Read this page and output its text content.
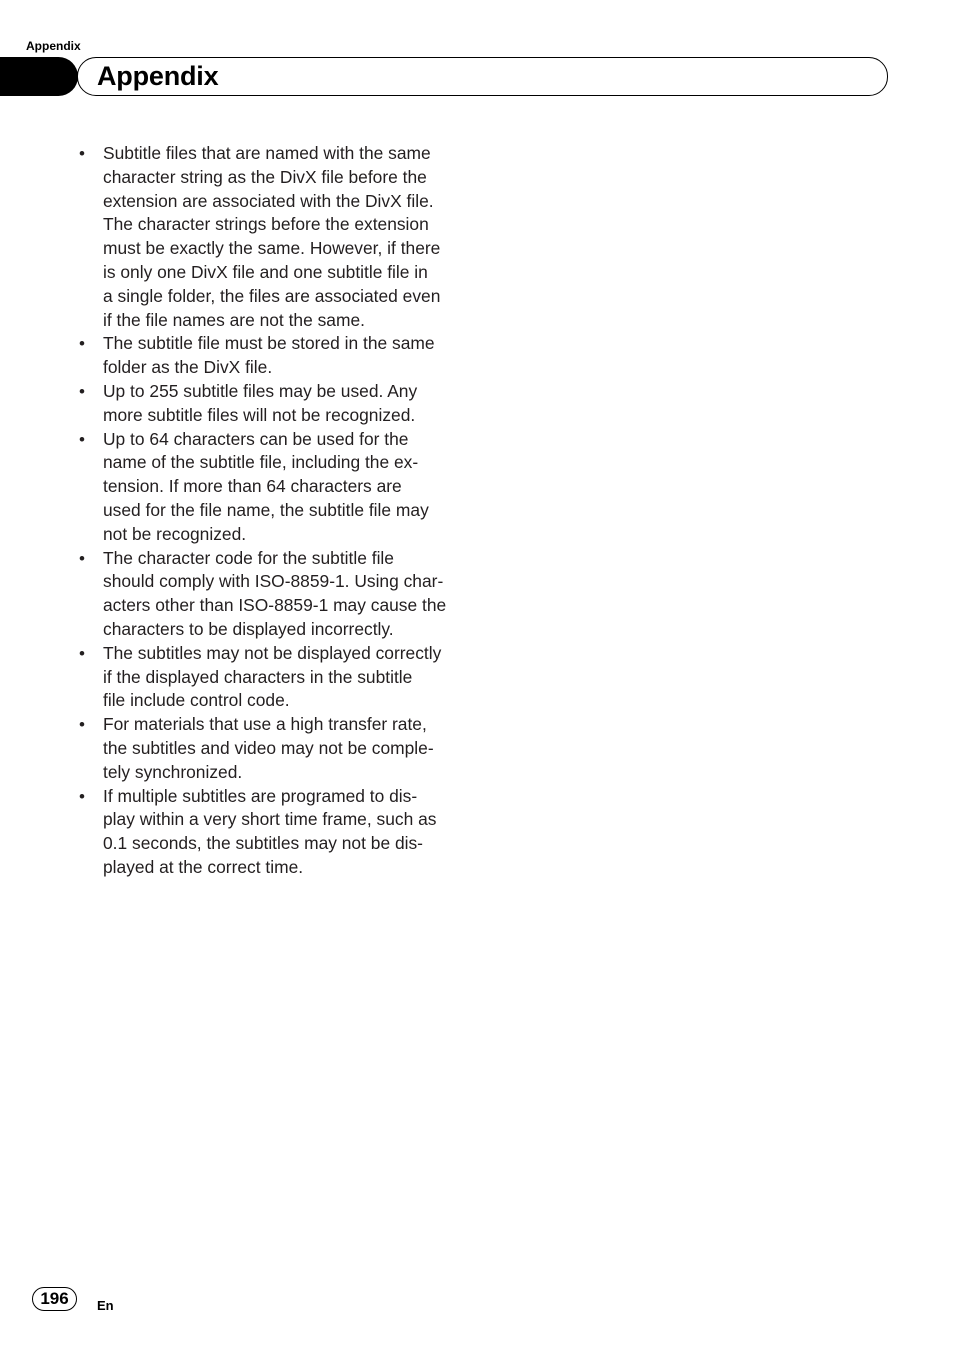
Appendix
Appendix
• Subtitle files that are named with the same
character string as the DivX file before the
extension are associated with the DivX file.
The character strings before the extension
must be exactly the same. However, if there
is only one DivX file and one subtitle file in
a single folder, the files are associated even
if the file names are not the same.
• The subtitle file must be stored in the same
folder as the DivX file.
• Up to 255 subtitle files may be used. Any
more subtitle files will not be recognized.
• Up to 64 characters can be used for the
name of the subtitle file, including the ex-
tension. If more than 64 characters are
used for the file name, the subtitle file may
not be recognized.
• The character code for the subtitle file
should comply with ISO-8859-1. Using char-
acters other than ISO-8859-1 may cause the
characters to be displayed incorrectly.
• The subtitles may not be displayed correctly
if the displayed characters in the subtitle
file include control code.
• For materials that use a high transfer rate,
the subtitles and video may not be comple-
tely synchronized.
• If multiple subtitles are programed to dis-
play within a very short time frame, such as
0.1 seconds, the subtitles may not be dis-
played at the correct time.
196	En
